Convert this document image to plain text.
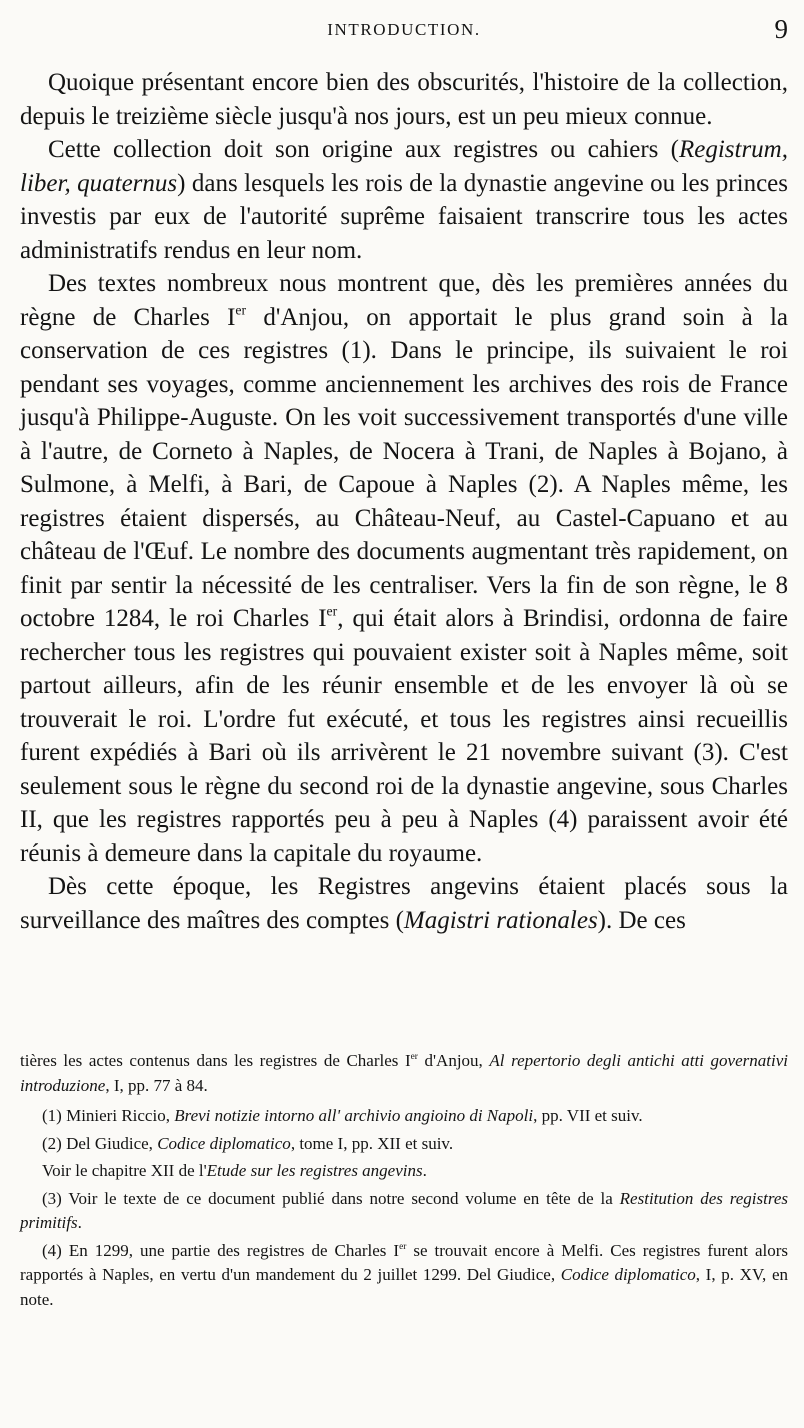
INTRODUCTION.	9

Quoique présentant encore bien des obscurités, l'histoire de la collection, depuis le treizième siècle jusqu'à nos jours, est un peu mieux connue.

Cette collection doit son origine aux registres ou cahiers (Registrum, liber, quaternus) dans lesquels les rois de la dynastie angevine ou les princes investis par eux de l'autorité suprême faisaient transcrire tous les actes administratifs rendus en leur nom.

Des textes nombreux nous montrent que, dès les premières années du règne de Charles Ier d'Anjou, on apportait le plus grand soin à la conservation de ces registres (1). Dans le principe, ils suivaient le roi pendant ses voyages, comme anciennement les archives des rois de France jusqu'à Philippe-Auguste. On les voit successivement transportés d'une ville à l'autre, de Corneto à Naples, de Nocera à Trani, de Naples à Bojano, à Sulmone, à Melfi, à Bari, de Capoue à Naples (2). A Naples même, les registres étaient dispersés, au Château-Neuf, au Castel-Capuano et au château de l'Œuf. Le nombre des documents augmentant très rapidement, on finit par sentir la nécessité de les centraliser. Vers la fin de son règne, le 8 octobre 1284, le roi Charles Ier, qui était alors à Brindisi, ordonna de faire rechercher tous les registres qui pouvaient exister soit à Naples même, soit partout ailleurs, afin de les réunir ensemble et de les envoyer là où se trouverait le roi. L'ordre fut exécuté, et tous les registres ainsi recueillis furent expédiés à Bari où ils arrivèrent le 21 novembre suivant (3). C'est seulement sous le règne du second roi de la dynastie angevine, sous Charles II, que les registres rapportés peu à peu à Naples (4) paraissent avoir été réunis à demeure dans la capitale du royaume.

Dès cette époque, les Registres angevins étaient placés sous la surveillance des maîtres des comptes (Magistri rationales). De ces

tières les actes contenus dans les registres de Charles Ier d'Anjou, Al repertorio degli antichi atti governativi introduzione, I, pp. 77 à 84.

(1) Minieri Riccio, Brevi notizie intorno all' archivio angioino di Napoli, pp. VII et suiv.

(2) Del Giudice, Codice diplomatico, tome I, pp. XII et suiv.

Voir le chapitre XII de l'Etude sur les registres angevins.

(3) Voir le texte de ce document publié dans notre second volume en tête de la Restitution des registres primitifs.

(4) En 1299, une partie des registres de Charles Ier se trouvait encore à Melfi. Ces registres furent alors rapportés à Naples, en vertu d'un mandement du 2 juillet 1299. Del Giudice, Codice diplomatico, I, p. XV, en note.
